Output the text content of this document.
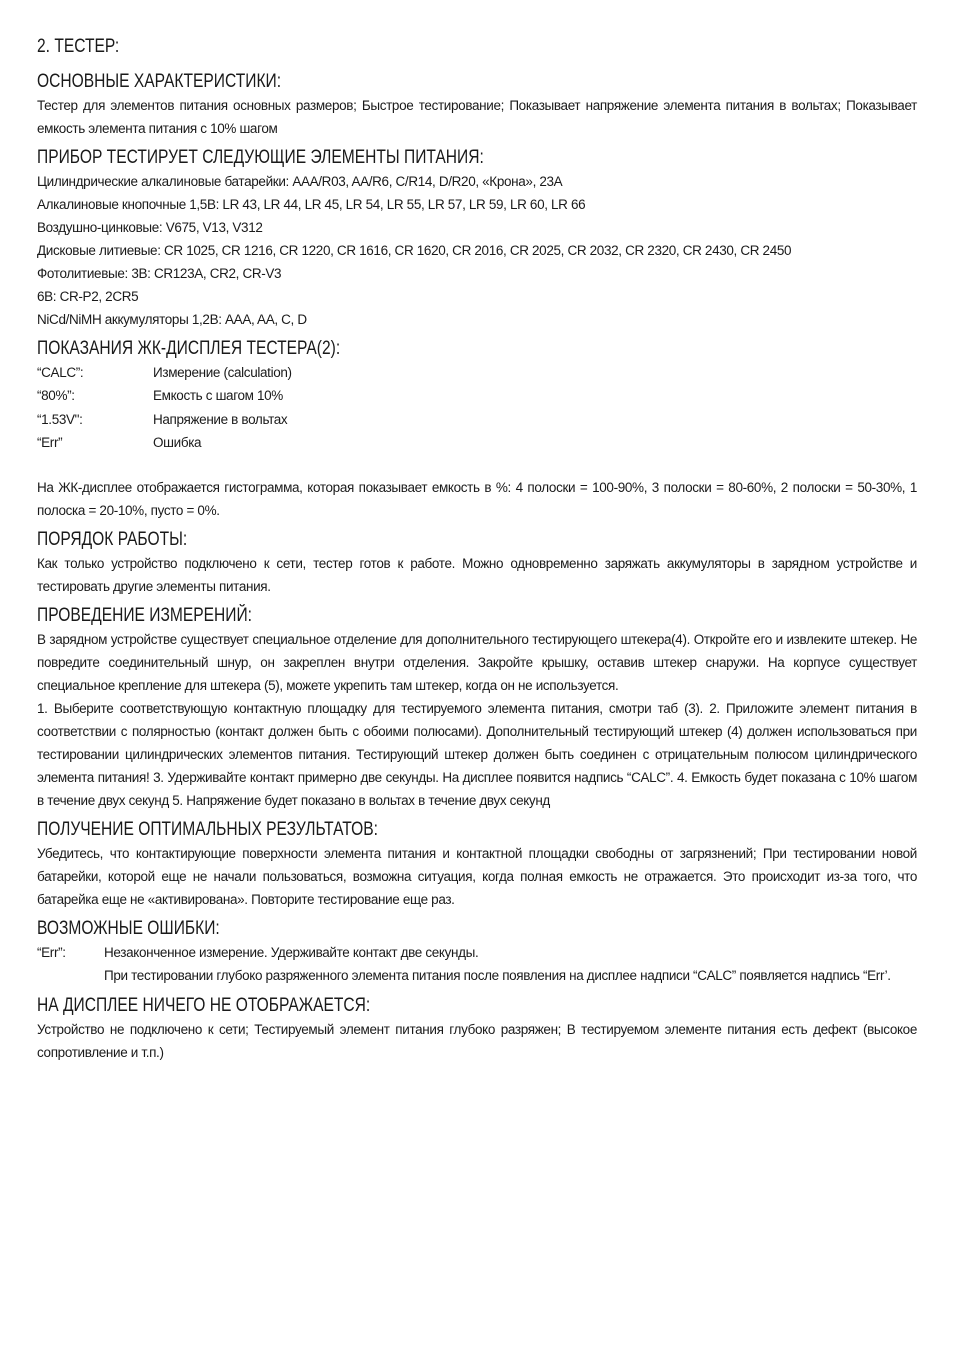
2. ТЕСТЕР:
ОСНОВНЫЕ ХАРАКТЕРИСТИКИ:

Тестер для элементов питания основных размеров; Быстрое тестирование; Показывает напряжение элемента питания в вольтах; Показывает емкость элемента питания с 10% шагом

ПРИБОР ТЕСТИРУЕТ СЛЕДУЮЩИЕ ЭЛЕМЕНТЫ ПИТАНИЯ:
Цилиндрические алкалиновые батарейки: AAA/R03, AA/R6, C/R14, D/R20, «Крона», 23A
Алкалиновые кнопочные 1,5В: LR 43, LR 44, LR 45, LR 54, LR 55, LR 57, LR 59, LR 60, LR 66
Воздушно-цинковые: V675, V13, V312
Дисковые литиевые: CR 1025, CR 1216, CR 1220, CR 1616, CR 1620, CR 2016, CR 2025, CR 2032, CR 2320, CR 2430, CR 2450
Фотолитиевые: 3В: CR123A, CR2, CR-V3
6В: CR-P2, 2CR5
NiCd/NiMH аккумуляторы 1,2В: AAA, AA, C, D
ПОКАЗАНИЯ ЖК-ДИСПЛЕЯ ТЕСТЕРА(2):
“CALC”:	Измерение (calculation)
“80%”:	Емкость с шагом 10%
“1.53V":	Напряжение в вольтах
“Err”	Ошибка

На ЖК-дисплее отображается гистограмма, которая показывает емкость в %: 4 полоски = 100-90%, 3 полоски = 80-60%, 2 полоски = 50-30%, 1 полоска = 20-10%, пусто = 0%.

ПОРЯДОК РАБОТЫ:

Как только устройство подключено к сети, тестер готов к работе. Можно одновременно заряжать аккумуляторы в зарядном устройстве и тестировать другие элементы питания.

ПРОВЕДЕНИЕ ИЗМЕРЕНИЙ:

В зарядном устройстве существует специальное отделение для дополнительного тестирующего штекера(4). Откройте его и извлеките штекер. Не повредите соединительный шнур, он закреплен внутри отделения. Закройте крышку, оставив штекер снаружи. На корпусе существует специальное крепление для штекера (5), можете укрепить там штекер, когда он не используется.

1. Выберите соответствующую контактную площадку для тестируемого элемента питания, смотри таб (3). 2. Приложите элемент питания в соответствии с полярностью (контакт должен быть с обоими полюсами). Дополнительный тестирующий штекер (4) должен использоваться при тестировании цилиндрических элементов питания. Тестирующий штекер должен быть соединен с отрицательным полюсом цилиндрического элемента питания! 3. Удерживайте контакт примерно две секунды. На дисплее появится надпись “CALC”. 4. Емкость будет показана с 10% шагом в течение двух секунд 5. Напряжение будет показано в вольтах в течение двух секунд

ПОЛУЧЕНИЕ ОПТИМАЛЬНЫХ РЕЗУЛЬТАТОВ:

Убедитесь, что контактирующие поверхности элемента питания и контактной площадки свободны от загрязнений; При тестировании новой батарейки, которой еще не начали пользоваться, возможна ситуация, когда полная емкость не отражается. Это происходит из-за того, что батарейка еще не «активирована». Повторите тестирование еще раз.

ВОЗМОЖНЫЕ ОШИБКИ:
“Err”:	Незаконченное измерение. Удерживайте контакт две секунды.
При тестировании глубоко разряженного элемента питания после появления на дисплее надписи “CALC” появляется надпись “Err’.
НА ДИСПЛЕЕ НИЧЕГО НЕ ОТОБРАЖАЕТСЯ:

Устройство не подключено к сети; Тестируемый элемент питания глубоко разряжен; В тестируемом элементе питания есть дефект (высокое сопротивление и т.п.)
